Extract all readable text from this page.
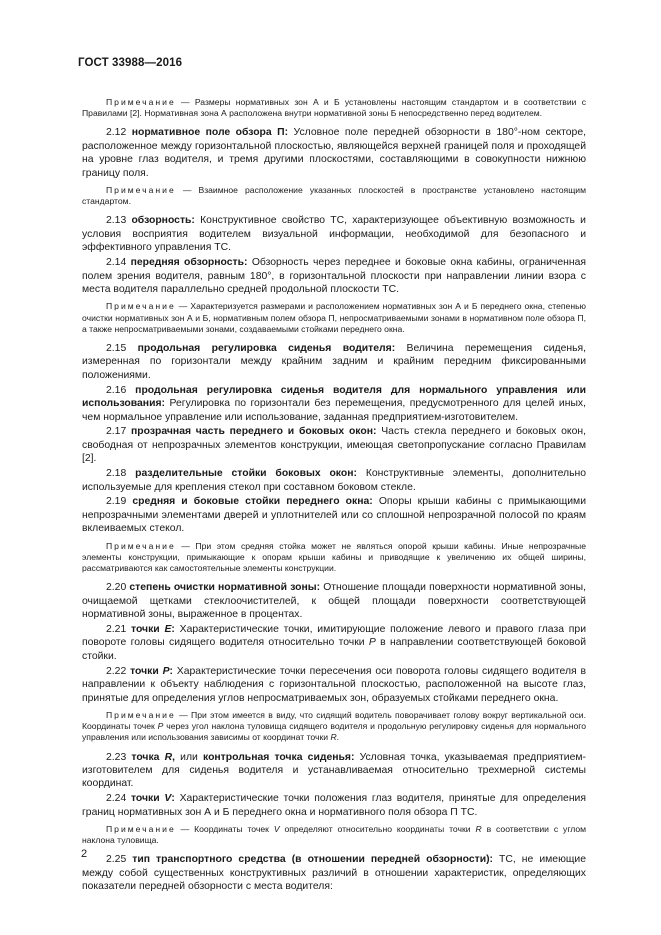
ГОСТ 33988—2016

Примечание — Размеры нормативных зон А и Б установлены настоящим стандартом и в соответствии с Правилами [2]. Нормативная зона А расположена внутри нормативной зоны Б непосредственно перед водителем.

2.12 нормативное поле обзора П: Условное поле передней обзорности в 180°-ном секторе, расположенное между горизонтальной плоскостью, являющейся верхней границей поля и проходящей на уровне глаз водителя, и тремя другими плоскостями, составляющими в совокупности нижнюю границу поля.

Примечание — Взаимное расположение указанных плоскостей в пространстве установлено настоящим стандартом.

2.13 обзорность: Конструктивное свойство ТС, характеризующее объективную возможность и условия восприятия водителем визуальной информации, необходимой для безопасного и эффективного управления ТС.

2.14 передняя обзорность: Обзорность через переднее и боковые окна кабины, ограниченная полем зрения водителя, равным 180°, в горизонтальной плоскости при направлении линии взора с места водителя параллельно средней продольной плоскости ТС.

Примечание — Характеризуется размерами и расположением нормативных зон А и Б переднего окна, степенью очистки нормативных зон А и Б, нормативным полем обзора П, непросматриваемыми зонами в нормативном поле обзора П, а также непросматриваемыми зонами, создаваемыми стойками переднего окна.

2.15 продольная регулировка сиденья водителя: Величина перемещения сиденья, измеренная по горизонтали между крайним задним и крайним передним фиксированными положениями.

2.16 продольная регулировка сиденья водителя для нормального управления или использования: Регулировка по горизонтали без перемещения, предусмотренного для целей иных, чем нормальное управление или использование, заданная предприятием-изготовителем.

2.17 прозрачная часть переднего и боковых окон: Часть стекла переднего и боковых окон, свободная от непрозрачных элементов конструкции, имеющая светопропускание согласно Правилам [2].

2.18 разделительные стойки боковых окон: Конструктивные элементы, дополнительно используемые для крепления стекол при составном боковом стекле.

2.19 средняя и боковые стойки переднего окна: Опоры крыши кабины с примыкающими непрозрачными элементами дверей и уплотнителей или со сплошной непрозрачной полосой по краям вклеиваемых стекол.

Примечание — При этом средняя стойка может не являться опорой крыши кабины. Иные непрозрачные элементы конструкции, примыкающие к опорам крыши кабины и приводящие к увеличению их общей ширины, рассматриваются как самостоятельные элементы конструкции.

2.20 степень очистки нормативной зоны: Отношение площади поверхности нормативной зоны, очищаемой щетками стеклоочистителей, к общей площади поверхности соответствующей нормативной зоны, выраженное в процентах.

2.21 точки Е: Характеристические точки, имитирующие положение левого и правого глаза при повороте головы сидящего водителя относительно точки Р в направлении соответствующей боковой стойки.

2.22 точки Р: Характеристические точки пересечения оси поворота головы сидящего водителя в направлении к объекту наблюдения с горизонтальной плоскостью, расположенной на высоте глаз, принятые для определения углов непросматриваемых зон, образуемых стойками переднего окна.

Примечание — При этом имеется в виду, что сидящий водитель поворачивает голову вокруг вертикальной оси. Координаты точек Р через угол наклона туловища сидящего водителя и продольную регулировку сиденья для нормального управления или использования зависимы от координат точки R.

2.23 точка R, или контрольная точка сиденья: Условная точка, указываемая предприятием-изготовителем для сиденья водителя и устанавливаемая относительно трехмерной системы координат.

2.24 точки V: Характеристические точки положения глаз водителя, принятые для определения границ нормативных зон А и Б переднего окна и нормативного поля обзора П ТС.

Примечание — Координаты точек V определяют относительно координаты точки R в соответствии с углом наклона туловища.

2.25 тип транспортного средства (в отношении передней обзорности): ТС, не имеющие между собой существенных конструктивных различий в отношении характеристик, определяющих показатели передней обзорности с места водителя:

2
